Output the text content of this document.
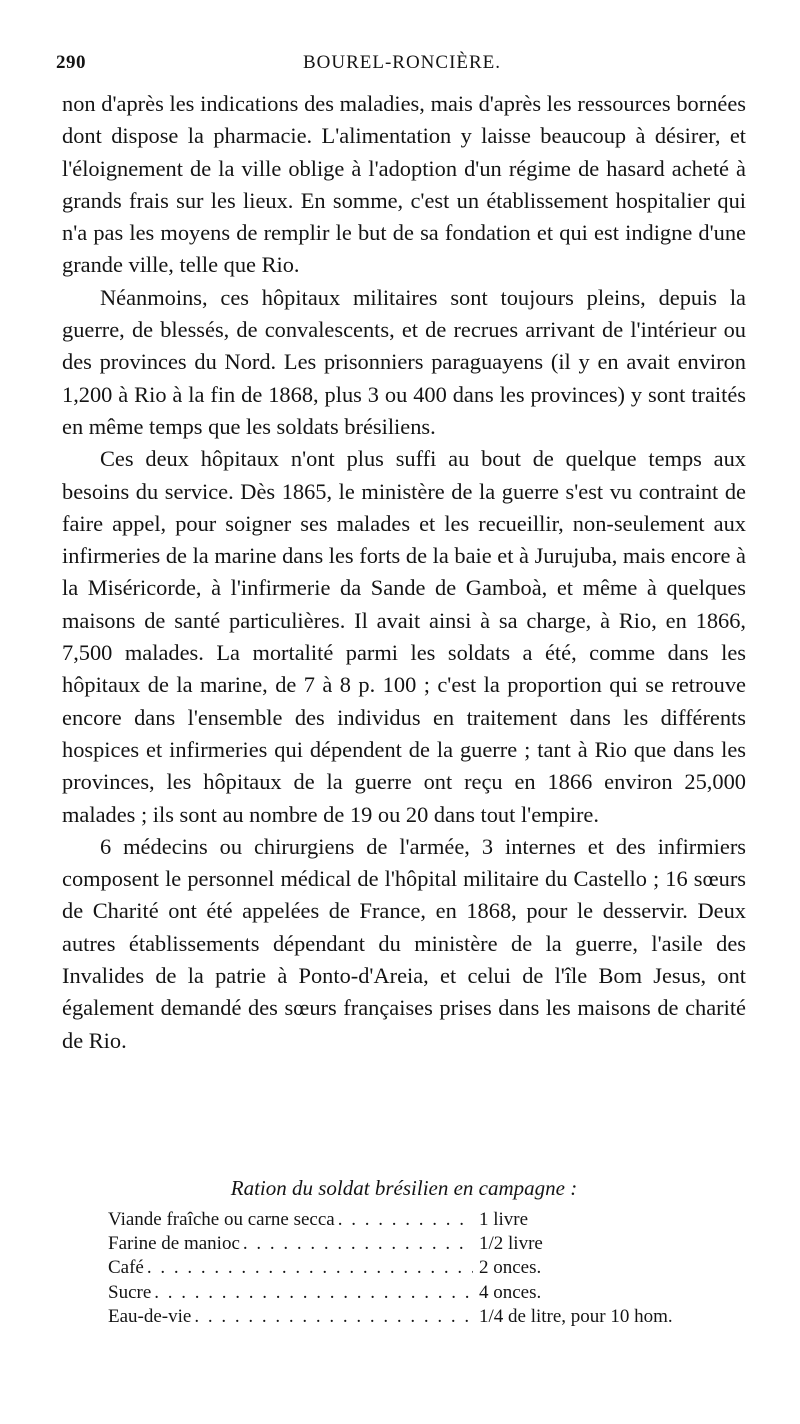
290	BOUREL-RONCIÈRE.

non d'après les indications des maladies, mais d'après les ressources bornées dont dispose la pharmacie. L'alimentation y laisse beaucoup à désirer, et l'éloignement de la ville oblige à l'adoption d'un régime de hasard acheté à grands frais sur les lieux. En somme, c'est un établissement hospitalier qui n'a pas les moyens de remplir le but de sa fondation et qui est indigne d'une grande ville, telle que Rio.

Néanmoins, ces hôpitaux militaires sont toujours pleins, depuis la guerre, de blessés, de convalescents, et de recrues arrivant de l'intérieur ou des provinces du Nord. Les prisonniers paraguayens (il y en avait environ 1,200 à Rio à la fin de 1868, plus 3 ou 400 dans les provinces) y sont traités en même temps que les soldats brésiliens.

Ces deux hôpitaux n'ont plus suffi au bout de quelque temps aux besoins du service. Dès 1865, le ministère de la guerre s'est vu contraint de faire appel, pour soigner ses malades et les recueillir, non-seulement aux infirmeries de la marine dans les forts de la baie et à Jurujuba, mais encore à la Miséricorde, à l'infirmerie da Sande de Gamboà, et même à quelques maisons de santé particulières. Il avait ainsi à sa charge, à Rio, en 1866, 7,500 malades. La mortalité parmi les soldats a été, comme dans les hôpitaux de la marine, de 7 à 8 p. 100 ; c'est la proportion qui se retrouve encore dans l'ensemble des individus en traitement dans les différents hospices et infirmeries qui dépendent de la guerre ; tant à Rio que dans les provinces, les hôpitaux de la guerre ont reçu en 1866 environ 25,000 malades ; ils sont au nombre de 19 ou 20 dans tout l'empire.

6 médecins ou chirurgiens de l'armée, 3 internes et des infirmiers composent le personnel médical de l'hôpital militaire du Castello ; 16 sœurs de Charité ont été appelées de France, en 1868, pour le desservir. Deux autres établissements dépendant du ministère de la guerre, l'asile des Invalides de la patrie à Ponto-d'Areia, et celui de l'île Bom Jesus, ont également demandé des sœurs françaises prises dans les maisons de charité de Rio.

Ration du soldat brésilien en campagne :
Viande fraîche ou carne secca . . .	1 livre
Farine de manioc . . .	1/2 livre
Café . . .	2 onces.
Sucre . . .	4 onces.
Eau-de-vie . . .	1/4 de litre, pour 10 hom.
